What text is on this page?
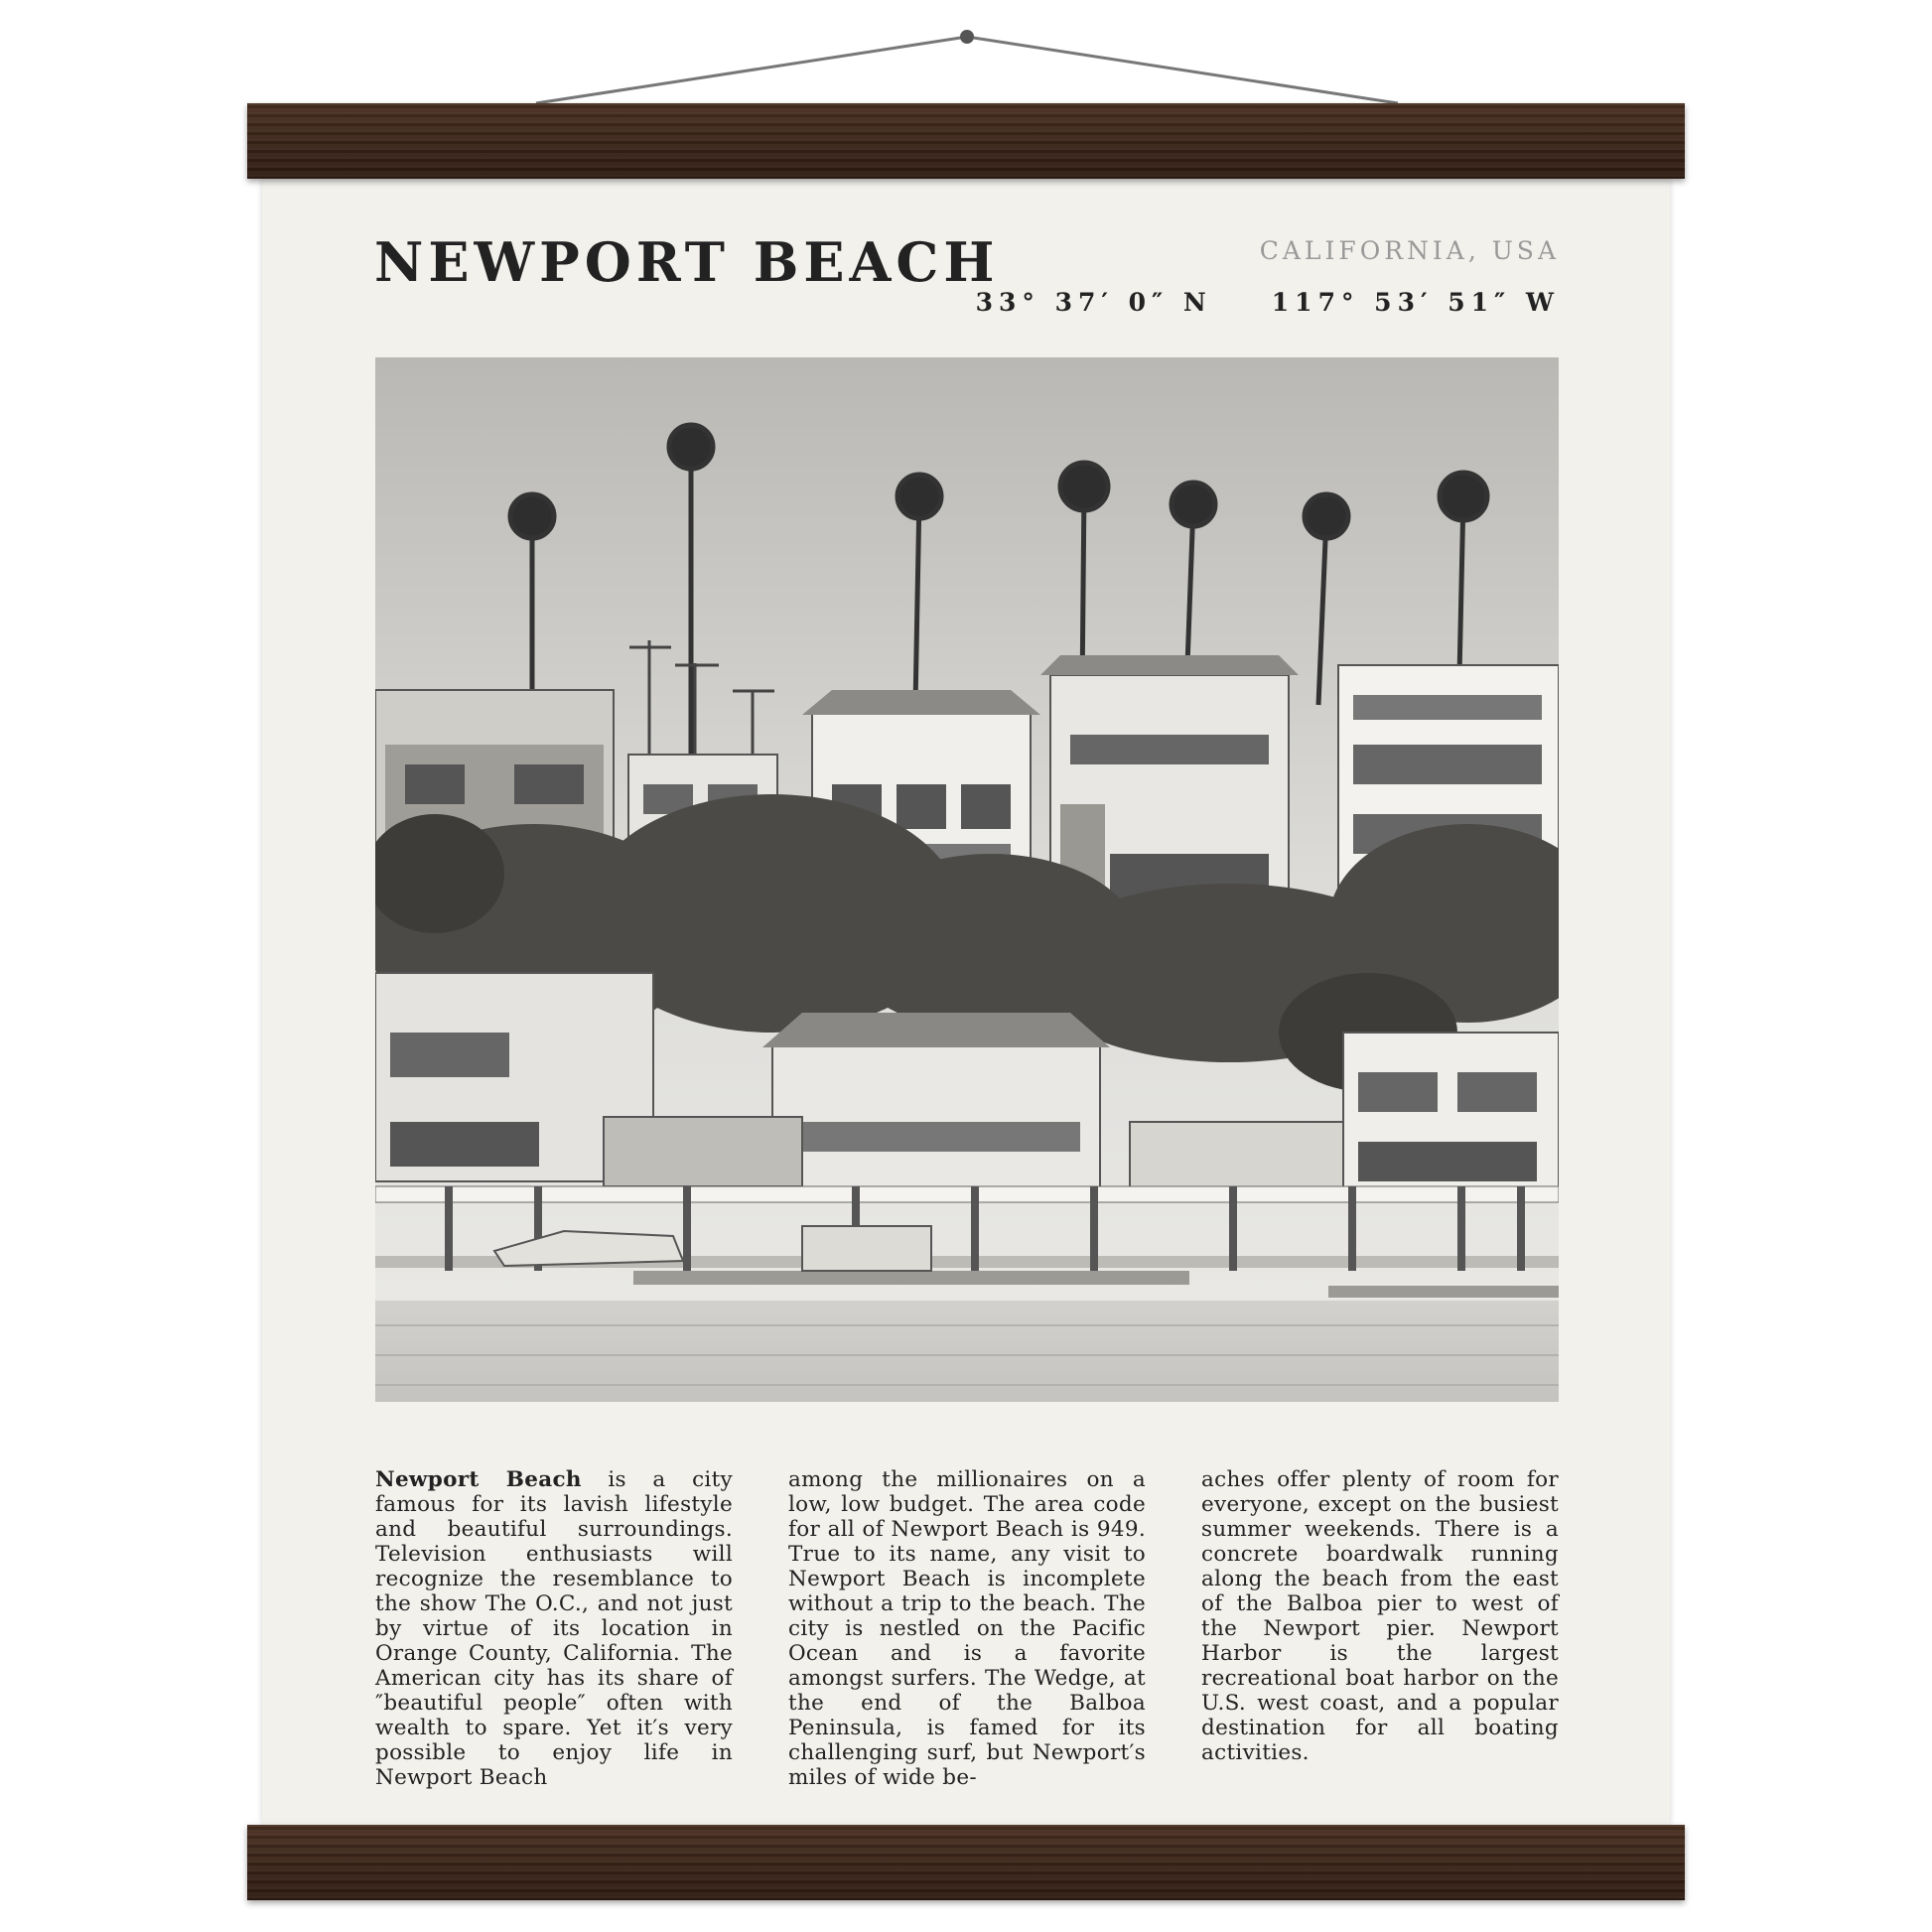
NEWPORT BEACH	CALIFORNIA, USA
33° 37′ 0″ N 117° 53′ 51″ W
Newport Beach is a city famous for its lavish lifestyle and beautiful surroundings. Television enthusiasts will recognize the resemblance to the show The O.C., and not just by virtue of its location in Orange County, California. The American city has its share of ″beautiful people″ often with wealth to spare. Yet it′s very possible to enjoy life in Newport Beach
among the millionaires on a low, low budget. The area code for all of Newport Beach is 949. True to its name, any visit to Newport Beach is incomplete without a trip to the beach. The city is nestled on the Pacific Ocean and is a favorite amongst surfers. The Wedge, at the end of the Balboa Peninsula, is famed for its challenging surf, but Newport′s miles of wide be-
aches offer plenty of room for everyone, except on the busiest summer weekends. There is a concrete boardwalk running along the beach from the east of the Balboa pier to west of the Newport pier. Newport Harbor is the largest recreational boat harbor on the U.S. west coast, and a popular destination for all boating activities.
